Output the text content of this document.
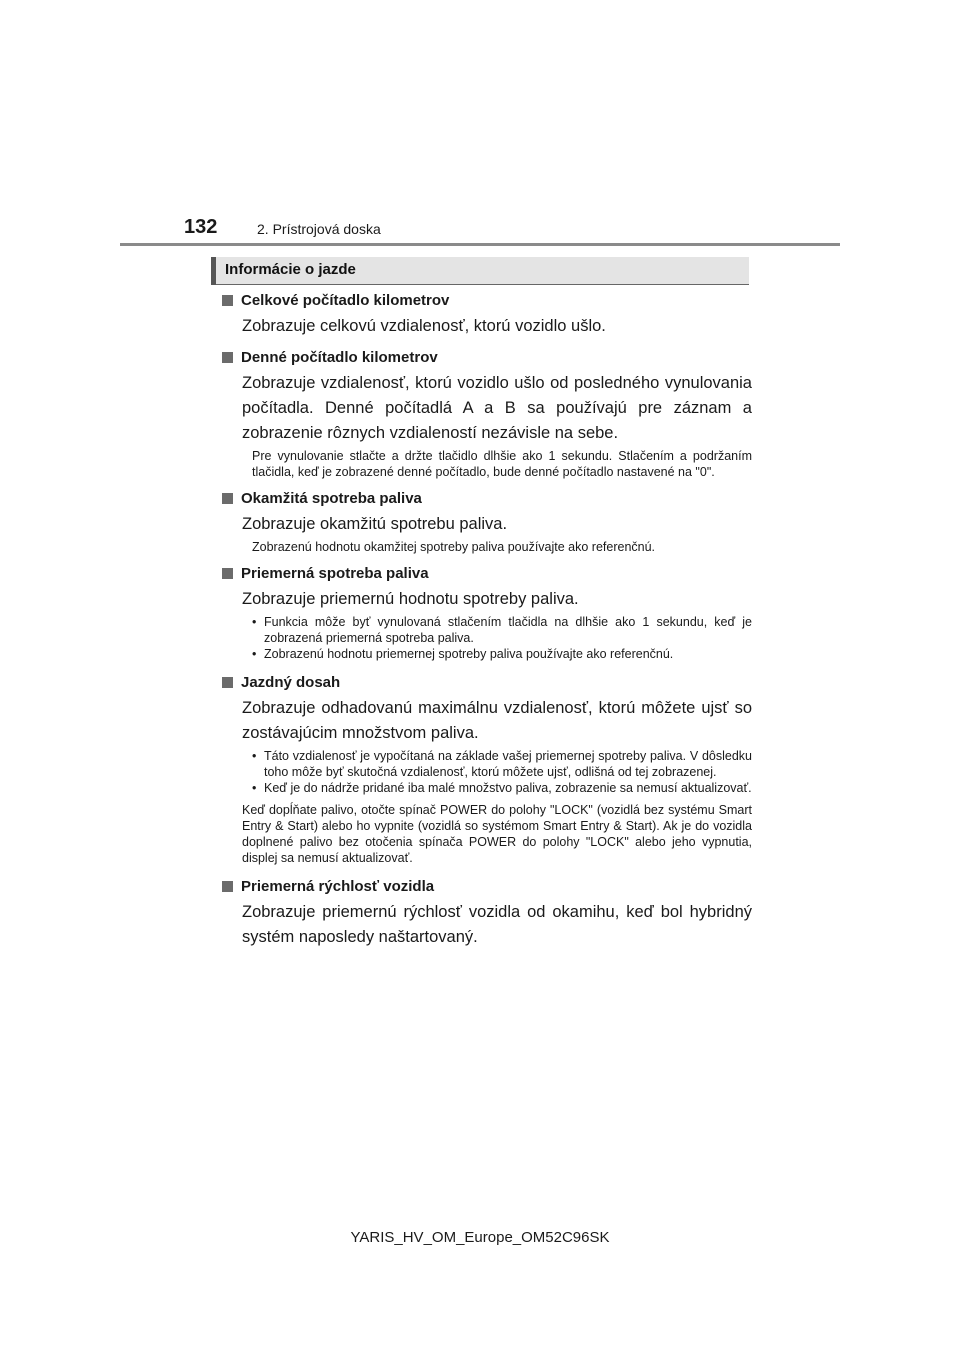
132	2. Prístrojová doska
Informácie o jazde
Celkové počítadlo kilometrov

Zobrazuje celkovú vzdialenosť, ktorú vozidlo ušlo.

Denné počítadlo kilometrov

Zobrazuje vzdialenosť, ktorú vozidlo ušlo od posledného vynulovania počítadla. Denné počítadlá A a B sa používajú pre záznam a zobrazenie rôznych vzdialeností nezávisle na sebe.

Pre vynulovanie stlačte a držte tlačidlo dlhšie ako 1 sekundu. Stlačením a podržaním tlačidla, keď je zobrazené denné počítadlo, bude denné počítadlo nastavené na "0".

Okamžitá spotreba paliva

Zobrazuje okamžitú spotrebu paliva.

Zobrazenú hodnotu okamžitej spotreby paliva používajte ako referenčnú.

Priemerná spotreba paliva

Zobrazuje priemernú hodnotu spotreby paliva.

• Funkcia môže byť vynulovaná stlačením tlačidla na dlhšie ako 1 sekundu, keď je zobrazená priemerná spotreba paliva.
• Zobrazenú hodnotu priemernej spotreby paliva používajte ako referenčnú.
Jazdný dosah

Zobrazuje odhadovanú maximálnu vzdialenosť, ktorú môžete ujsť so zostávajúcim množstvom paliva.

• Táto vzdialenosť je vypočítaná na základe vašej priemernej spotreby paliva. V dôsledku toho môže byť skutočná vzdialenosť, ktorú môžete ujsť, odlišná od tej zobrazenej.
• Keď je do nádrže pridané iba malé množstvo paliva, zobrazenie sa nemusí aktualizovať.

Keď dopĺňate palivo, otočte spínač POWER do polohy "LOCK" (vozidlá bez systému Smart Entry & Start) alebo ho vypnite (vozidlá so systémom Smart Entry & Start). Ak je do vozidla doplnené palivo bez otočenia spínača POWER do polohy "LOCK" alebo jeho vypnutia, displej sa nemusí aktualizovať.

Priemerná rýchlosť vozidla

Zobrazuje priemernú rýchlosť vozidla od okamihu, keď bol hybridný systém naposledy naštartovaný.

YARIS_HV_OM_Europe_OM52C96SK
